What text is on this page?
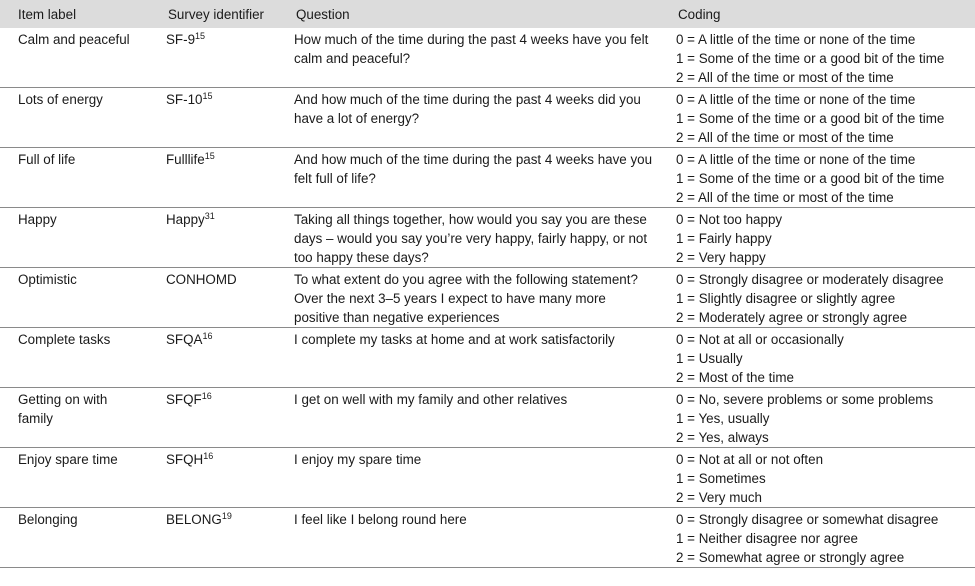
Item label	Survey identifier	Question	Coding
Calm and peaceful	$SF-9^{15}$	How much of the time during the past 4 weeks have you felt calm and peaceful?	0 = A little of the time or none of the time
1 = Some of the time or a good bit of the time
2 = All of the time or most of the time

Lots of energy	$SF-10^{15}$	And how much of the time during the past 4 weeks did you have a lot of energy?	0 = A little of the time or none of the time
1 = Some of the time or a good bit of the time
2 = All of the time or most of the time

Full of life	Fulllife$^{15}$	And how much of the time during the past 4 weeks have you felt full of life?	0 = A little of the time or none of the time
1 = Some of the time or a good bit of the time
2 = All of the time or most of the time

Happy	Happy$^{31}$	Taking all things together, how would you say you are these days – would you say you’re very happy, fairly happy, or not too happy these days?	0 = Not too happy
1 = Fairly happy
2 = Very happy

Optimistic	CONHOMD	To what extent do you agree with the following statement? Over the next 3–5 years I expect to have many more positive than negative experiences	0 = Strongly disagree or moderately disagree
1 = Slightly disagree or slightly agree
2 = Moderately agree or strongly agree

Complete tasks	SFQA$^{16}$	I complete my tasks at home and at work satisfactorily	0 = Not at all or occasionally
1 = Usually
2 = Most of the time

Getting on with family	SFQF$^{16}$	I get on well with my family and other relatives	0 = No, severe problems or some problems
1 = Yes, usually
2 = Yes, always

Enjoy spare time	SFQH$^{16}$	I enjoy my spare time	0 = Not at all or not often
1 = Sometimes
2 = Very much

Belonging	BELONG$^{19}$	I feel like I belong round here	0 = Strongly disagree or somewhat disagree
1 = Neither disagree nor agree
2 = Somewhat agree or strongly agree
